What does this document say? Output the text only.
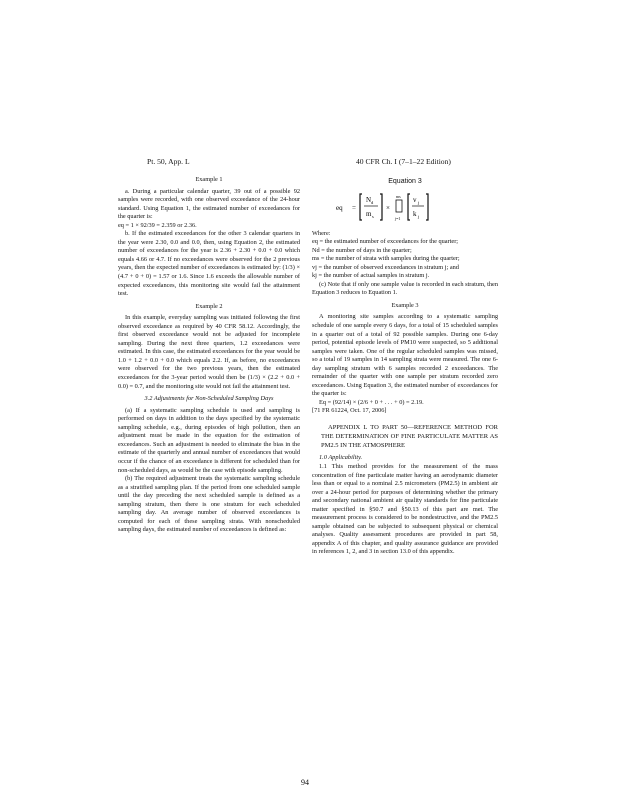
Pt. 50, App. L	40 CFR Ch. I (7–1–22 Edition)

Example 1

a. During a particular calendar quarter, 39 out of a possible 92 samples were recorded, with one observed exceedance of the 24-hour standard. Using Equation 1, the estimated number of exceedances for the quarter is:

eq = 1 × 92/39 = 2.359 or 2.36.

b. If the estimated exceedances for the other 3 calendar quarters in the year were 2.30, 0.0 and 0.0, then, using Equation 2, the estimated number of exceedances for the year is 2.36 + 2.30 + 0.0 + 0.0 which equals 4.66 or 4.7. If no exceedances were observed for the 2 previous years, then the expected number of exceedances is estimated by: (1/3) × (4.7 + 0 + 0) = 1.57 or 1.6. Since 1.6 exceeds the allowable number of expected exceedances, this monitoring site would fail the attainment test.

Example 2

In this example, everyday sampling was initiated following the first observed exceedance as required by 40 CFR 58.12. Accordingly, the first observed exceedance would not be adjusted for incomplete sampling. During the next three quarters, 1.2 exceedances were estimated. In this case, the estimated exceedances for the year would be 1.0 + 1.2 + 0.0 + 0.0 which equals 2.2. If, as before, no exceedances were observed for the two previous years, then the estimated exceedances for the 3-year period would then be (1/3) × (2.2 + 0.0 + 0.0) = 0.7, and the monitoring site would not fail the attainment test.

3.2 Adjustments for Non-Scheduled Sampling Days

(a) If a systematic sampling schedule is used and sampling is performed on days in addition to the days specified by the systematic sampling schedule, e.g., during episodes of high pollution, then an adjustment must be made in the equation for the estimation of exceedances. Such an adjustment is needed to eliminate the bias in the estimate of the quarterly and annual number of exceedances that would occur if the chance of an exceedance is different for scheduled than for non-scheduled days, as would be the case with episode sampling.

(b) The required adjustment treats the systematic sampling schedule as a stratified sampling plan. If the period from one scheduled sample until the day preceding the next scheduled sample is defined as a sampling stratum, then there is one stratum for each scheduled sampling day. An average number of observed exceedances is computed for each of these sampling strata. With nonscheduled sampling days, the estimated number of exceedances is defined as:

Equation 3
eq =
N d
m s
×
ms
j=1
v j
k j

Where:

eq = the estimated number of exceedances for the quarter;

Nd = the number of days in the quarter;

ms = the number of strata with samples during the quarter;

vj = the number of observed exceedances in stratum j; and

kj = the number of actual samples in stratum j.

(c) Note that if only one sample value is recorded in each stratum, then Equation 3 reduces to Equation 1.

Example 3

A monitoring site samples according to a systematic sampling schedule of one sample every 6 days, for a total of 15 scheduled samples in a quarter out of a total of 92 possible samples. During one 6-day period, potential episode levels of PM10 were suspected, so 5 additional samples were taken. One of the regular scheduled samples was missed, so a total of 19 samples in 14 sampling strata were measured. The one 6-day sampling stratum with 6 samples recorded 2 exceedances. The remainder of the quarter with one sample per stratum recorded zero exceedances. Using Equation 3, the estimated number of exceedances for the quarter is:

Eq = (92/14) × (2/6 + 0 + . . . + 0) = 2.19.

[71 FR 61224, Oct. 17, 2006]

APPENDIX L TO PART 50—REFERENCE METHOD FOR THE DETERMINATION OF FINE PARTICULATE MATTER AS PM2.5 IN THE ATMOSPHERE

1.0 Applicability.

1.1 This method provides for the measurement of the mass concentration of fine particulate matter having an aerodynamic diameter less than or equal to a nominal 2.5 micrometers (PM2.5) in ambient air over a 24-hour period for purposes of determining whether the primary and secondary national ambient air quality standards for fine particulate matter specified in §50.7 and §50.13 of this part are met. The measurement process is considered to be nondestructive, and the PM2.5 sample obtained can be subjected to subsequent physical or chemical analyses. Quality assessment procedures are provided in part 58, appendix A of this chapter, and quality assurance guidance are provided in references 1, 2, and 3 in section 13.0 of this appendix.

94
